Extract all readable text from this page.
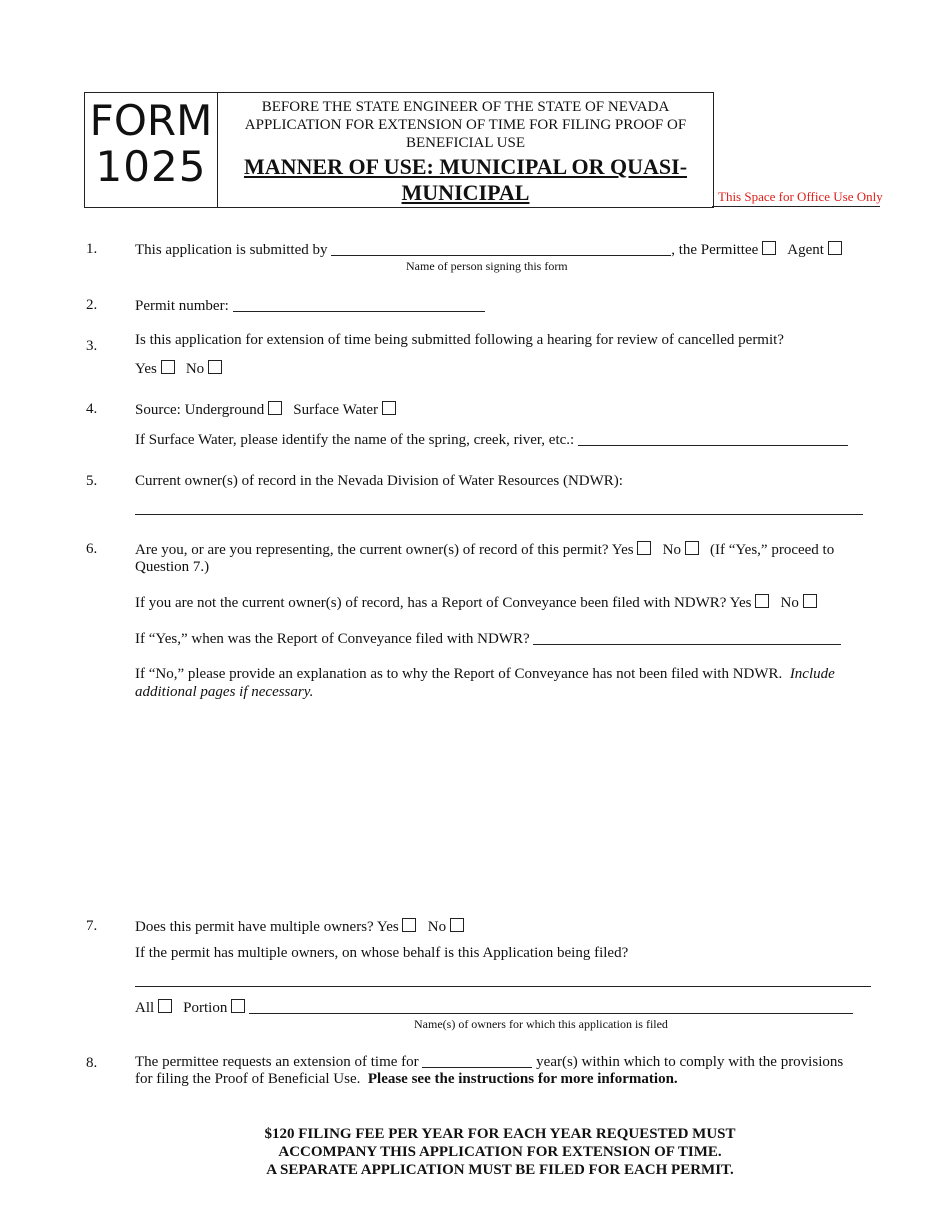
FORM
1025
BEFORE THE STATE ENGINEER OF THE STATE OF NEVADA
APPLICATION FOR EXTENSION OF TIME FOR FILING PROOF OF
BENEFICIAL USE
MANNER OF USE: MUNICIPAL OR QUASI-MUNICIPAL	This Space for Office Use Only
1.	This application is submitted by	, the Permittee Agent
Name of person signing this form
2.	Permit number:
3.	Is this application for extension of time being submitted following a hearing for review of cancelled permit?
Yes No
4.	Source: Underground Surface Water
If Surface Water, please identify the name of the spring, creek, river, etc.:
5.	Current owner(s) of record in the Nevada Division of Water Resources (NDWR):
6.	Are you, or are you representing, the current owner(s) of record of this permit? Yes No (If “Yes,” proceed to
Question 7.)
If you are not the current owner(s) of record, has a Report of Conveyance been filed with NDWR? Yes No
If “Yes,” when was the Report of Conveyance filed with NDWR?
If “No,” please provide an explanation as to why the Report of Conveyance has not been filed with NDWR. Include
additional pages if necessary.
7.	Does this permit have multiple owners? Yes No
If the permit has multiple owners, on whose behalf is this Application being filed?
All Portion
Name(s) of owners for which this application is filed
8.	The permittee requests an extension of time for	year(s) within which to comply with the provisions
for filing the Proof of Beneficial Use. Please see the instructions for more information.
$120 FILING FEE PER YEAR FOR EACH YEAR REQUESTED MUST
ACCOMPANY THIS APPLICATION FOR EXTENSION OF TIME.
A SEPARATE APPLICATION MUST BE FILED FOR EACH PERMIT.
